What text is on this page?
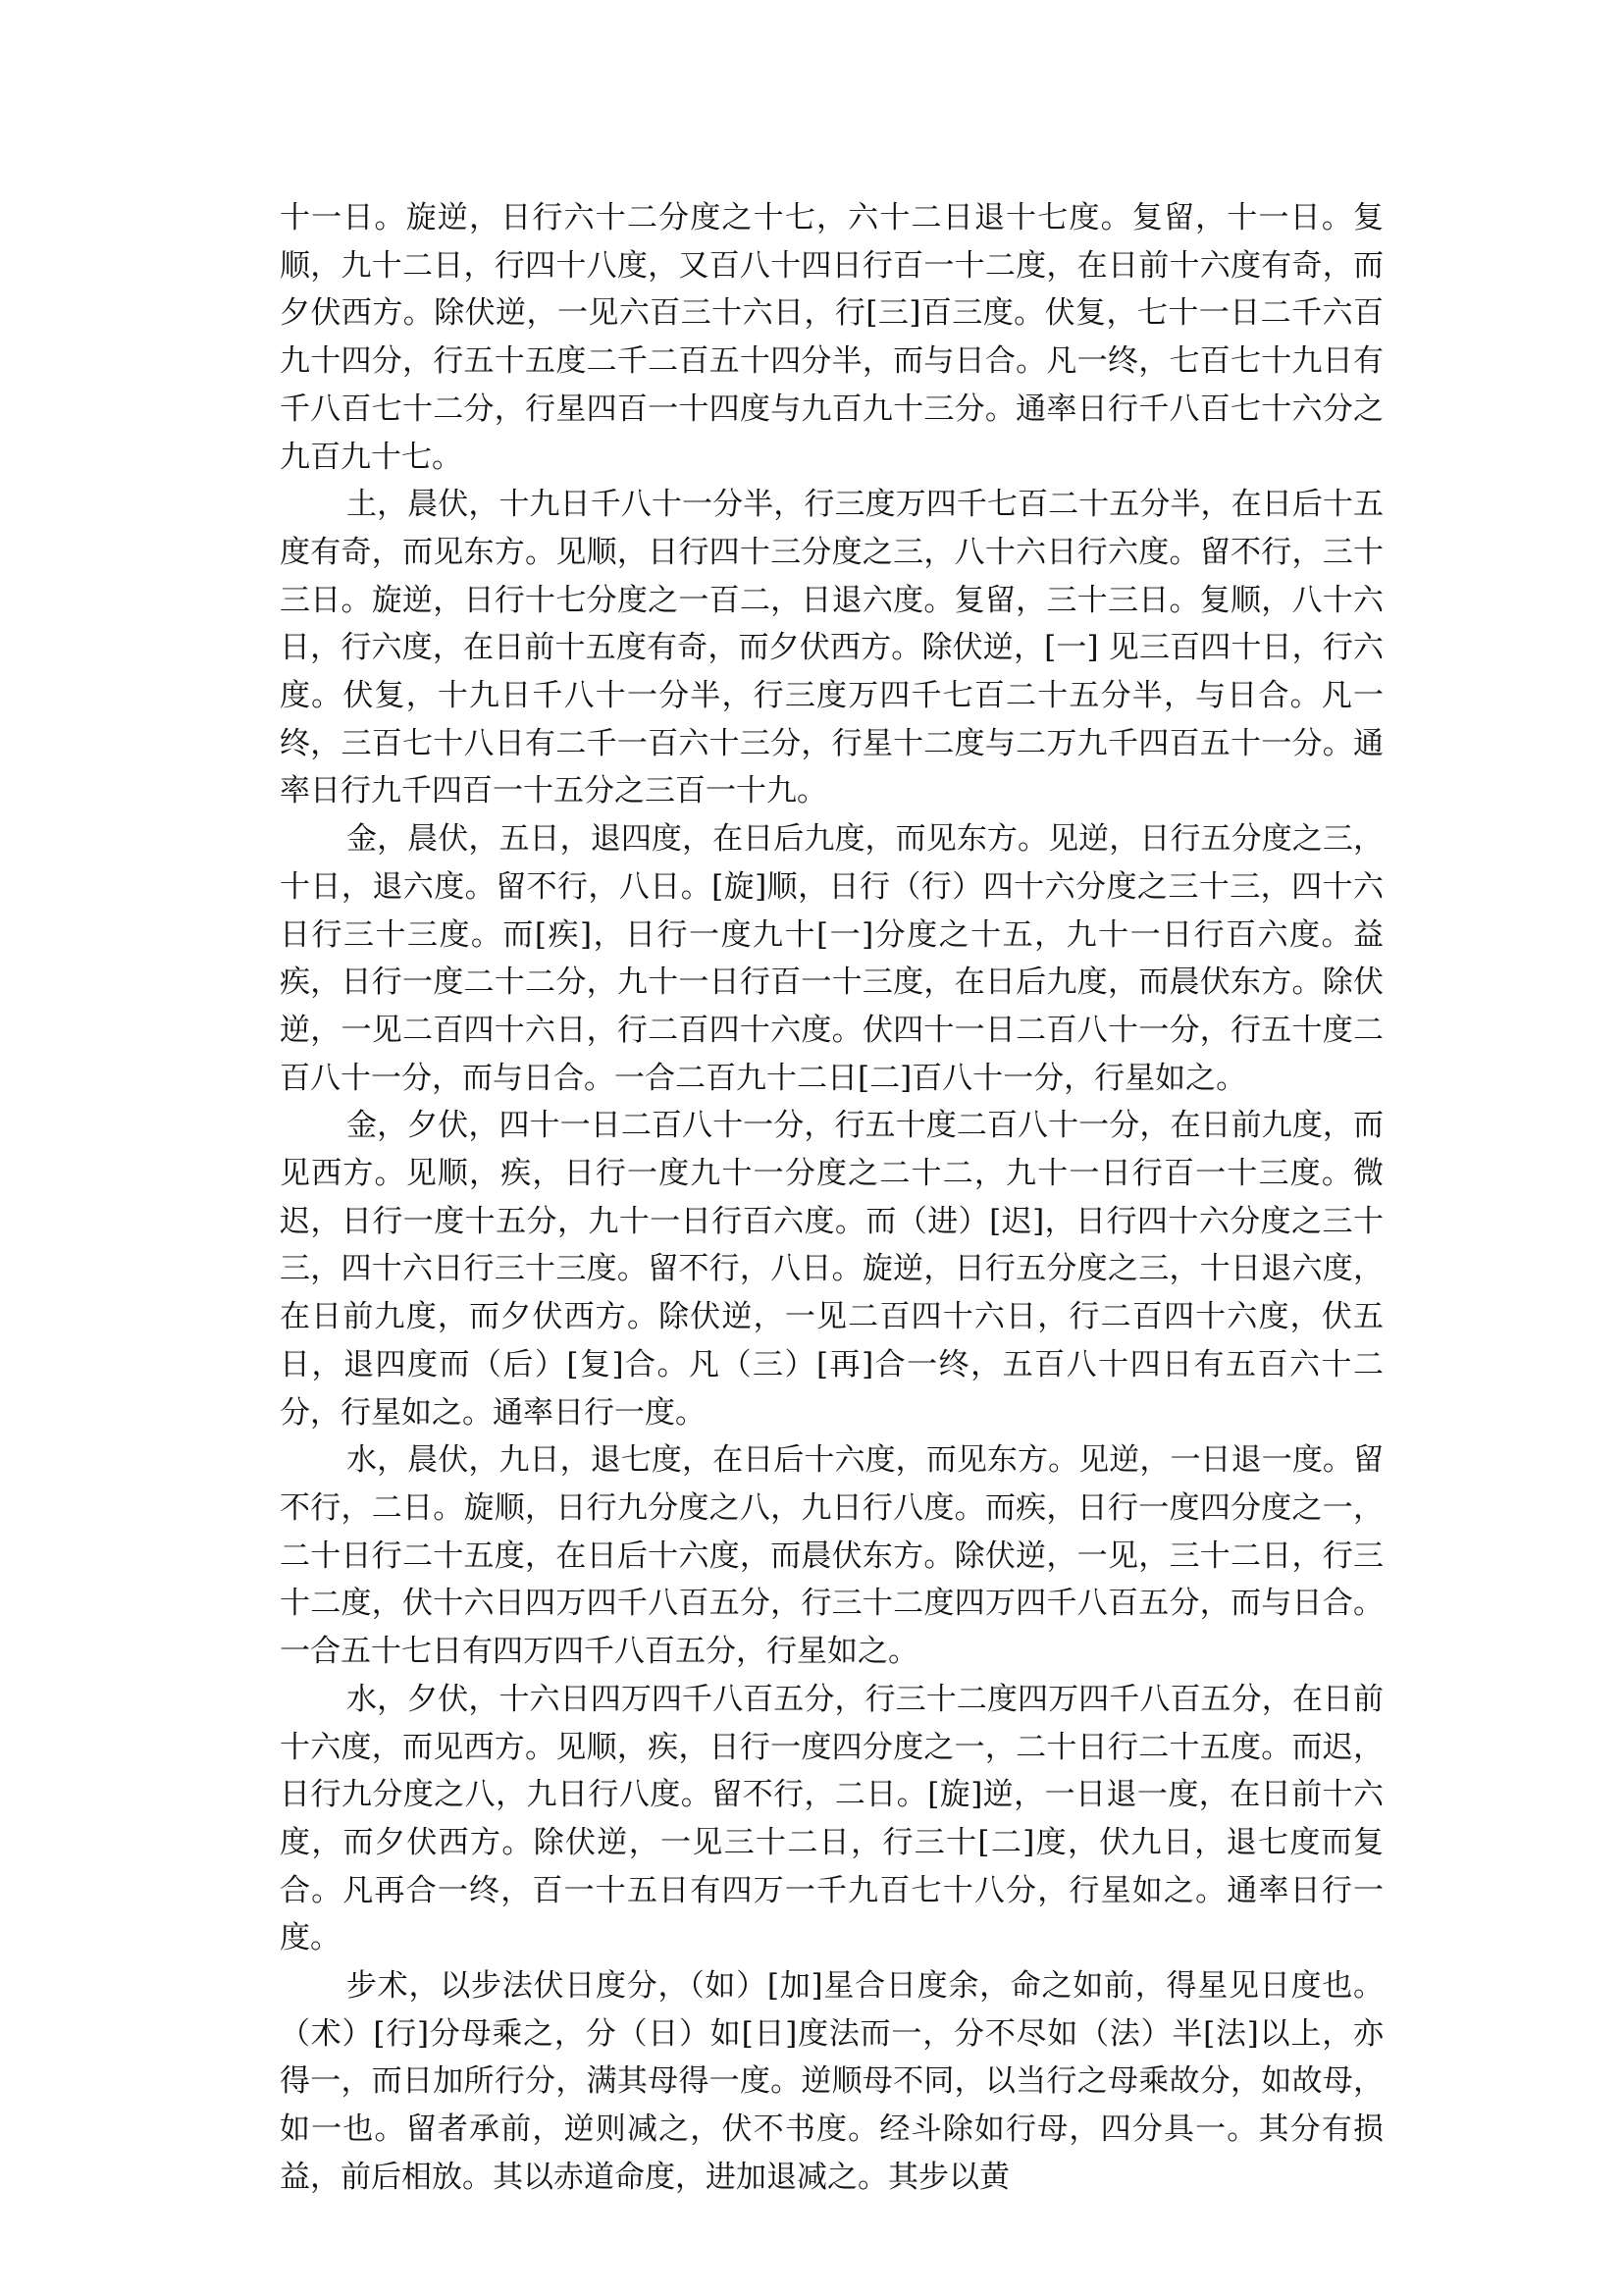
十一日。旋逆，日行六十二分度之十七，六十二日退十七度。复留，十一日。复顺，九十二日，行四十八度，又百八十四日行百一十二度，在日前十六度有奇，而夕伏西方。除伏逆，一见六百三十六日，行[三]百三度。伏复，七十一日二千六百九十四分，行五十五度二千二百五十四分半，而与日合。凡一终，七百七十九日有千八百七十二分，行星四百一十四度与九百九十三分。通率日行千八百七十六分之九百九十七。

土，晨伏，十九日千八十一分半，行三度万四千七百二十五分半，在日后十五度有奇，而见东方。见顺，日行四十三分度之三，八十六日行六度。留不行，三十三日。旋逆，日行十七分度之一百二，日退六度。复留，三十三日。复顺，八十六日，行六度，在日前十五度有奇，而夕伏西方。除伏逆，[一] 见三百四十日，行六度。伏复，十九日千八十一分半，行三度万四千七百二十五分半，与日合。凡一终，三百七十八日有二千一百六十三分，行星十二度与二万九千四百五十一分。通率日行九千四百一十五分之三百一十九。

金，晨伏，五日，退四度，在日后九度，而见东方。见逆，日行五分度之三，十日，退六度。留不行，八日。[旋]顺，日行（行）四十六分度之三十三，四十六日行三十三度。而[疾]，日行一度九十[一]分度之十五，九十一日行百六度。益疾，日行一度二十二分，九十一日行百一十三度，在日后九度，而晨伏东方。除伏逆，一见二百四十六日，行二百四十六度。伏四十一日二百八十一分，行五十度二百八十一分，而与日合。一合二百九十二日[二]百八十一分，行星如之。

金，夕伏，四十一日二百八十一分，行五十度二百八十一分，在日前九度，而见西方。见顺，疾，日行一度九十一分度之二十二，九十一日行百一十三度。微迟，日行一度十五分，九十一日行百六度。而（进）[迟]，日行四十六分度之三十三，四十六日行三十三度。留不行，八日。旋逆，日行五分度之三，十日退六度，在日前九度，而夕伏西方。除伏逆，一见二百四十六日，行二百四十六度，伏五日，退四度而（后）[复]合。凡（三）[再]合一终，五百八十四日有五百六十二分，行星如之。通率日行一度。

水，晨伏，九日，退七度，在日后十六度，而见东方。见逆，一日退一度。留不行，二日。旋顺，日行九分度之八，九日行八度。而疾，日行一度四分度之一，二十日行二十五度，在日后十六度，而晨伏东方。除伏逆，一见，三十二日，行三十二度，伏十六日四万四千八百五分，行三十二度四万四千八百五分，而与日合。一合五十七日有四万四千八百五分，行星如之。

水，夕伏，十六日四万四千八百五分，行三十二度四万四千八百五分，在日前十六度，而见西方。见顺，疾，日行一度四分度之一，二十日行二十五度。而迟，日行九分度之八，九日行八度。留不行，二日。[旋]逆，一日退一度，在日前十六度，而夕伏西方。除伏逆，一见三十二日，行三十[二]度，伏九日，退七度而复合。凡再合一终，百一十五日有四万一千九百七十八分，行星如之。通率日行一度。

步术，以步法伏日度分，（如）[加]星合日度余，命之如前，得星见日度也。（术）[行]分母乘之，分（日）如[日]度法而一，分不尽如（法）半[法]以上，亦得一，而日加所行分，满其母得一度。逆顺母不同，以当行之母乘故分，如故母，如一也。留者承前，逆则减之，伏不书度。经斗除如行母，四分具一。其分有损益，前后相放。其以赤道命度，进加退减之。其步以黄
